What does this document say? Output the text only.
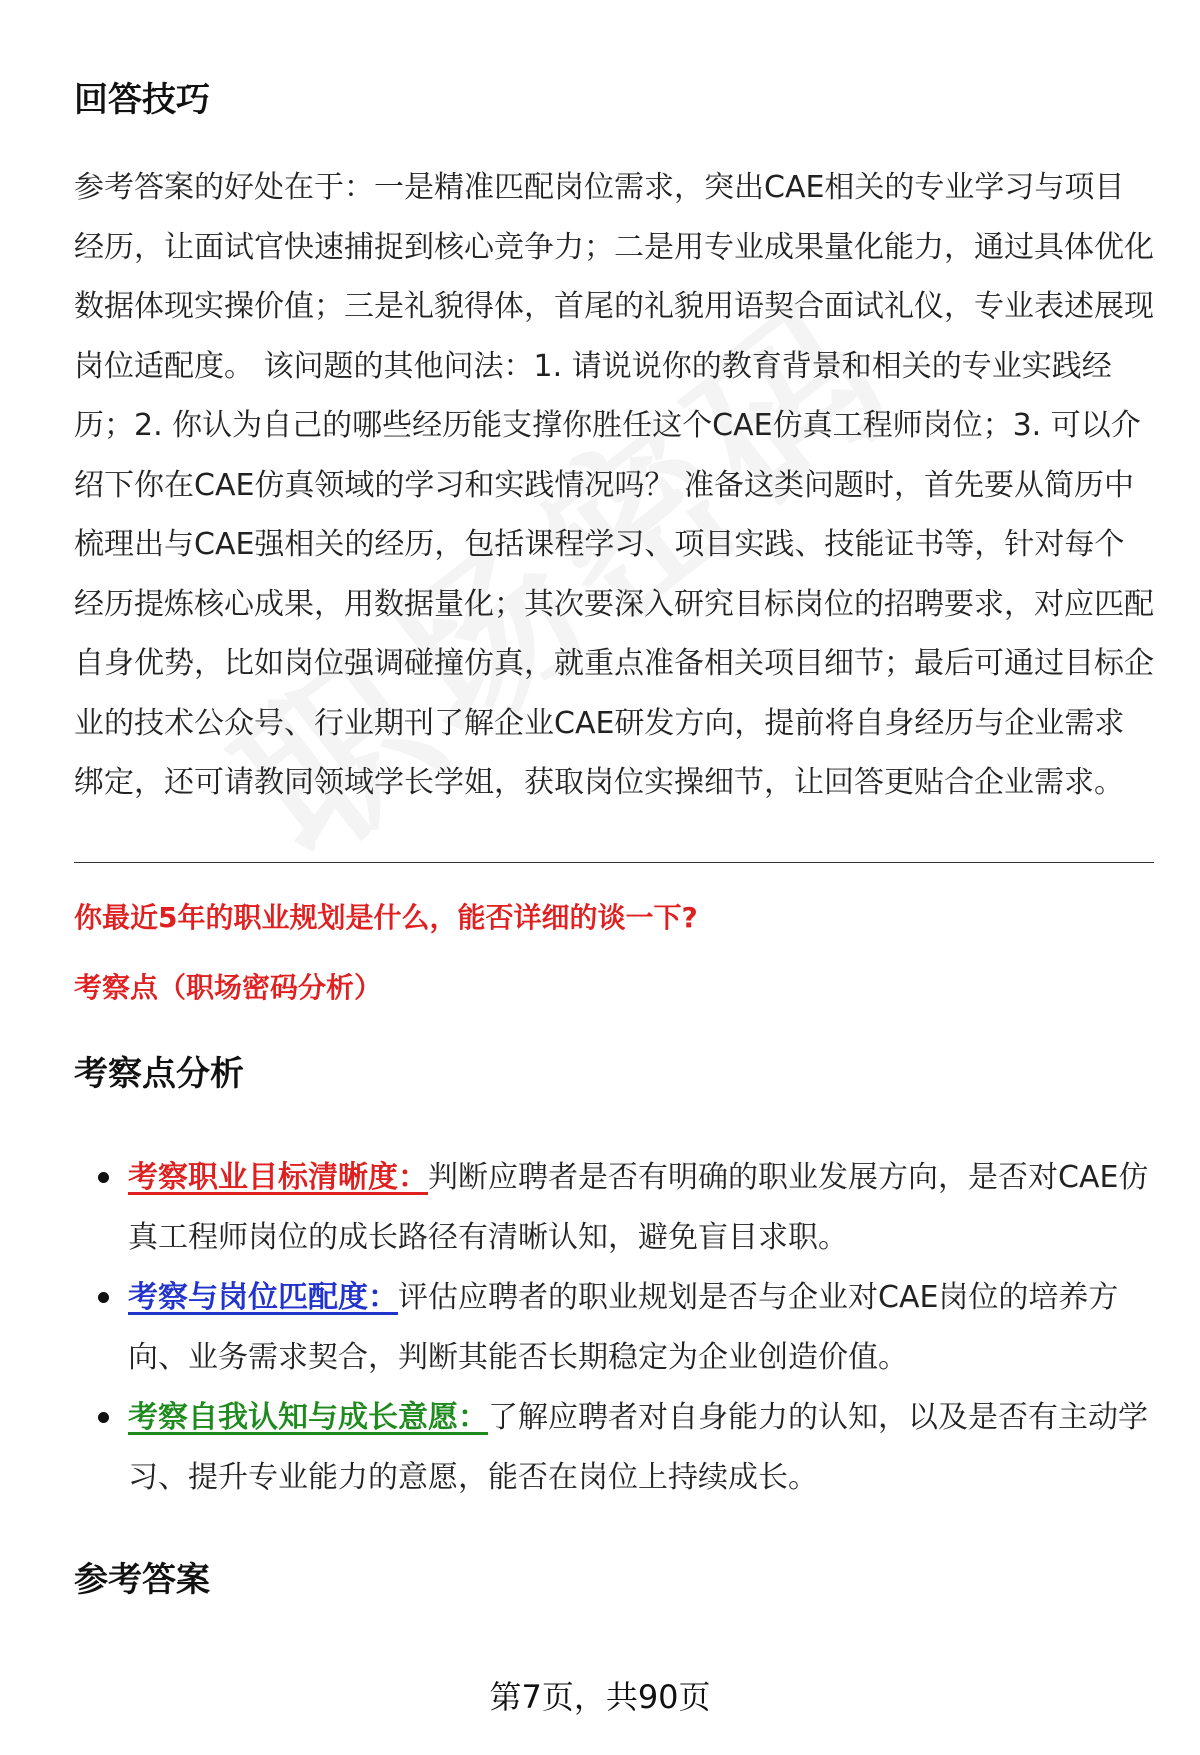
回答技巧

参考答案的好处在于：一是精准匹配岗位需求，突出CAE相关的专业学习与项目经历，让面试官快速捕捉到核心竞争力；二是用专业成果量化能力，通过具体优化数据体现实操价值；三是礼貌得体，首尾的礼貌用语契合面试礼仪，专业表述展现岗位适配度。 该问题的其他问法：1. 请说说你的教育背景和相关的专业实践经历；2. 你认为自己的哪些经历能支撑你胜任这个CAE仿真工程师岗位；3. 可以介绍下你在CAE仿真领域的学习和实践情况吗？ 准备这类问题时，首先要从简历中梳理出与CAE强相关的经历，包括课程学习、项目实践、技能证书等，针对每个经历提炼核心成果，用数据量化；其次要深入研究目标岗位的招聘要求，对应匹配自身优势，比如岗位强调碰撞仿真，就重点准备相关项目细节；最后可通过目标企业的技术公众号、行业期刊了解企业CAE研发方向，提前将自身经历与企业需求绑定，还可请教同领域学长学姐，获取岗位实操细节，让回答更贴合企业需求。

你最近5年的职业规划是什么，能否详细的谈一下?

考察点（职场密码分析）

考察点分析
考察职业目标清晰度：判断应聘者是否有明确的职业发展方向，是否对CAE仿真工程师岗位的成长路径有清晰认知，避免盲目求职。
考察与岗位匹配度：评估应聘者的职业规划是否与企业对CAE岗位的培养方向、业务需求契合，判断其能否长期稳定为企业创造价值。
考察自我认知与成长意愿：了解应聘者对自身能力的认知，以及是否有主动学习、提升专业能力的意愿，能否在岗位上持续成长。
参考答案
第7页，共90页
